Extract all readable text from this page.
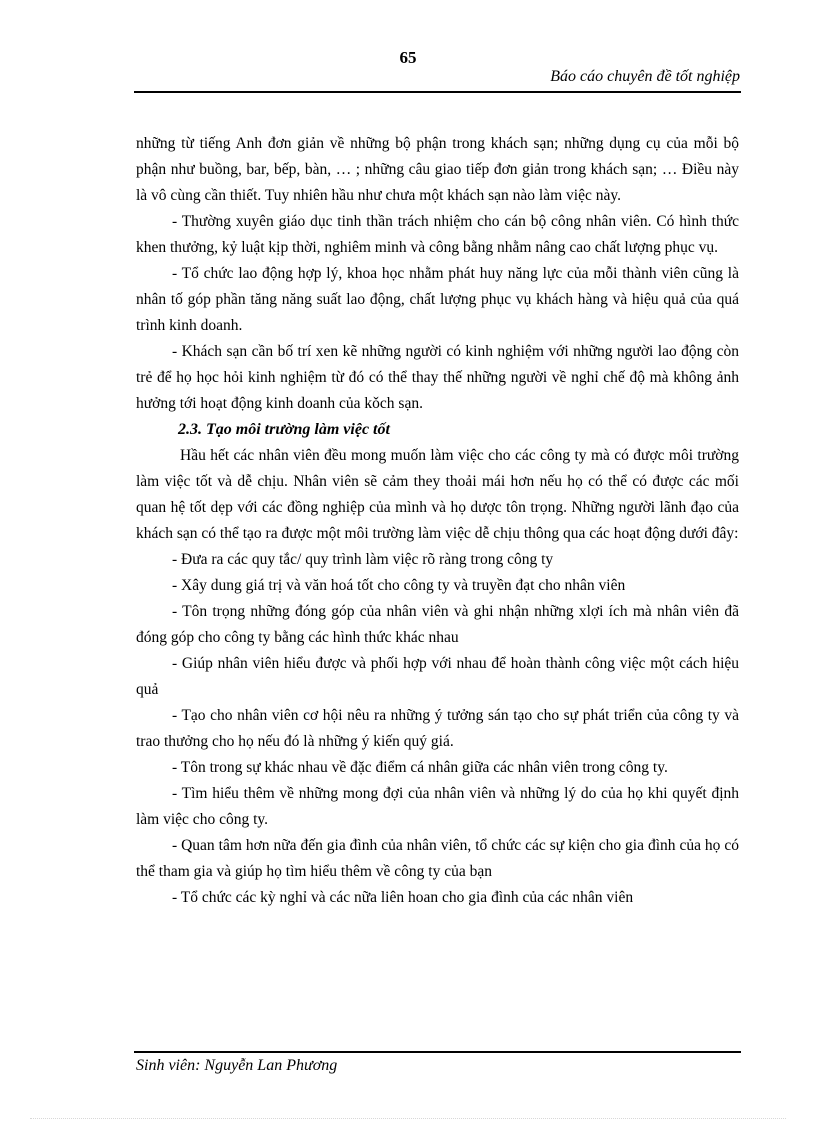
65
Báo cáo chuyên đề tốt nghiệp

những từ tiếng Anh đơn giản về những bộ phận trong khách sạn; những dụng cụ của mỗi bộ phận như buồng, bar, bếp, bàn, … ; những câu giao tiếp đơn giản trong khách sạn; … Điều này là vô cùng cần thiết. Tuy nhiên hầu như chưa một khách sạn nào làm việc này.

- Thường xuyên giáo dục tinh thần trách nhiệm cho cán bộ công nhân viên. Có hình thức khen thưởng, kỷ luật kịp thời, nghiêm minh và công bằng nhằm nâng cao chất lượng phục vụ.

- Tổ chức lao động hợp lý, khoa học nhằm phát huy năng lực của mỗi thành viên cũng là nhân tố góp phần tăng năng suất lao động, chất lượng phục vụ khách hàng và hiệu quả của quá trình kinh doanh.

- Khách sạn cần bố trí xen kẽ những người có kinh nghiệm với những người lao động còn trẻ để họ học hỏi kinh nghiệm từ đó có thể thay thế những người về nghỉ chế độ mà không ảnh hưởng tới hoạt động kinh doanh của kǒch sạn.

2.3. Tạo môi trường làm việc tốt

Hầu hết các nhân viên đều mong muốn làm việc cho các công ty mà có được môi trường làm việc tốt và dễ chịu. Nhân viên sẽ cảm they thoải mái hơn nếu họ có thể có được các mối quan hệ tốt dẹp với các đồng nghiệp của mình và họ dược tôn trọng. Những người lãnh đạo của khách sạn có thể tạo ra được một môi trường làm việc dễ chịu thông qua các hoạt động dưới đây:

- Đưa ra các quy tắc/ quy trình làm việc rõ ràng trong công ty

- Xây dung giá trị và văn hoá tốt cho công ty và truyền đạt cho nhân viên

- Tôn trọng những đóng góp của nhân viên và ghi nhận những xlợi ích mà nhân viên đã đóng góp cho công ty bằng các hình thức khác nhau

- Giúp nhân viên hiểu được và phối hợp với nhau để hoàn thành công việc một cách hiệu quả

- Tạo cho nhân viên cơ hội nêu ra những ý tưởng sán tạo cho sự phát triển của công ty và trao thưởng cho họ nếu đó là những ý kiến quý giá.

- Tôn trong sự khác nhau về đặc điểm cá nhân giữa các nhân viên trong công ty.

- Tìm hiểu thêm về những mong đợi của nhân viên và những lý do của họ khi quyết định làm việc cho công ty.

- Quan tâm hơn nữa đến gia đình của nhân viên, tổ chức các sự kiện cho gia đình của họ có thể tham gia và giúp họ tìm hiểu thêm về công ty của bạn

- Tổ chức các kỳ nghỉ và các nữa liên hoan cho gia đình của các nhân viên

Sinh viên: Nguyễn Lan Phương
